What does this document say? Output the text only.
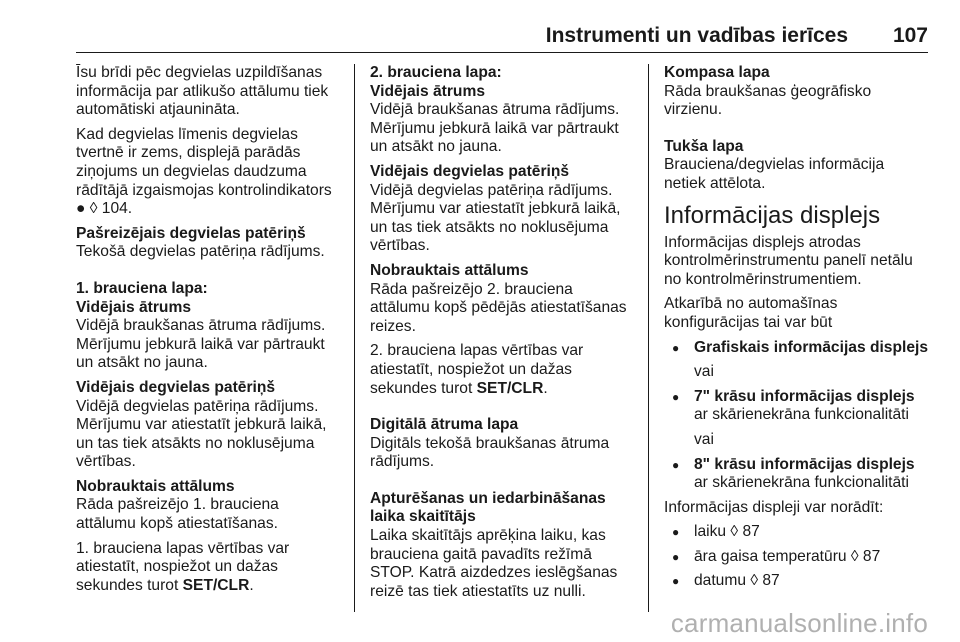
Instrumenti un vadības ierīces 107

Īsu brīdi pēc degvielas uzpildīšanas informācija par atlikušo attālumu tiek automātiski atjaunināta.

Kad degvielas līmenis degvielas tvertnē ir zems, displejā parādās ziņojums un degvielas daudzuma rādītājā izgaismojas kontrolindikators ● ◊ 104.

Pašreizējais degvielas patēriņš

Tekošā degvielas patēriņa rādījums.

1. brauciena lapa:

Vidējais ātrums

Vidējā braukšanas ātruma rādījums. Mērījumu jebkurā laikā var pārtraukt un atsākt no jauna.

Vidējais degvielas patēriņš

Vidējā degvielas patēriņa rādījums. Mērījumu var atiestatīt jebkurā laikā, un tas tiek atsākts no noklusējuma vērtības.

Nobrauktais attālums

Rāda pašreizējo 1. brauciena attālumu kopš atiestatīšanas.

1. brauciena lapas vērtības var atiestatīt, nospiežot un dažas sekundes turot SET/CLR.

2. brauciena lapa:

Vidējais ātrums

Vidējā braukšanas ātruma rādījums. Mērījumu jebkurā laikā var pārtraukt un atsākt no jauna.

Vidējais degvielas patēriņš

Vidējā degvielas patēriņa rādījums. Mērījumu var atiestatīt jebkurā laikā, un tas tiek atsākts no noklusējuma vērtības.

Nobrauktais attālums

Rāda pašreizējo 2. brauciena attālumu kopš pēdējās atiestatīšanas reizes.

2. brauciena lapas vērtības var atiestatīt, nospiežot un dažas sekundes turot SET/CLR.

Digitālā ātruma lapa

Digitāls tekošā braukšanas ātruma rādījums.

Apturēšanas un iedarbināšanas laika skaitītājs

Laika skaitītājs aprēķina laiku, kas brauciena gaitā pavadīts režīmā STOP. Katrā aizdedzes ieslēgšanas reizē tas tiek atiestatīts uz nulli.

Kompasa lapa

Rāda braukšanas ģeogrāfisko virzienu.

Tukša lapa

Brauciena/degvielas informācija netiek attēlota.

Informācijas displejs

Informācijas displejs atrodas kontrolmērinstrumentu panelī netālu no kontrolmērinstrumentiem.

Atkarībā no automašīnas konfigurācijas tai var būt

● Grafiskais informācijas displejs

vai

● 7" krāsu informācijas displejs ar skārienekrāna funkcionalitāti

vai

● 8" krāsu informācijas displejs ar skārienekrāna funkcionalitāti

Informācijas displeji var norādīt:

● laiku ◊ 87
● āra gaisa temperatūru ◊ 87
● datumu ◊ 87
carmanualsonline.info
